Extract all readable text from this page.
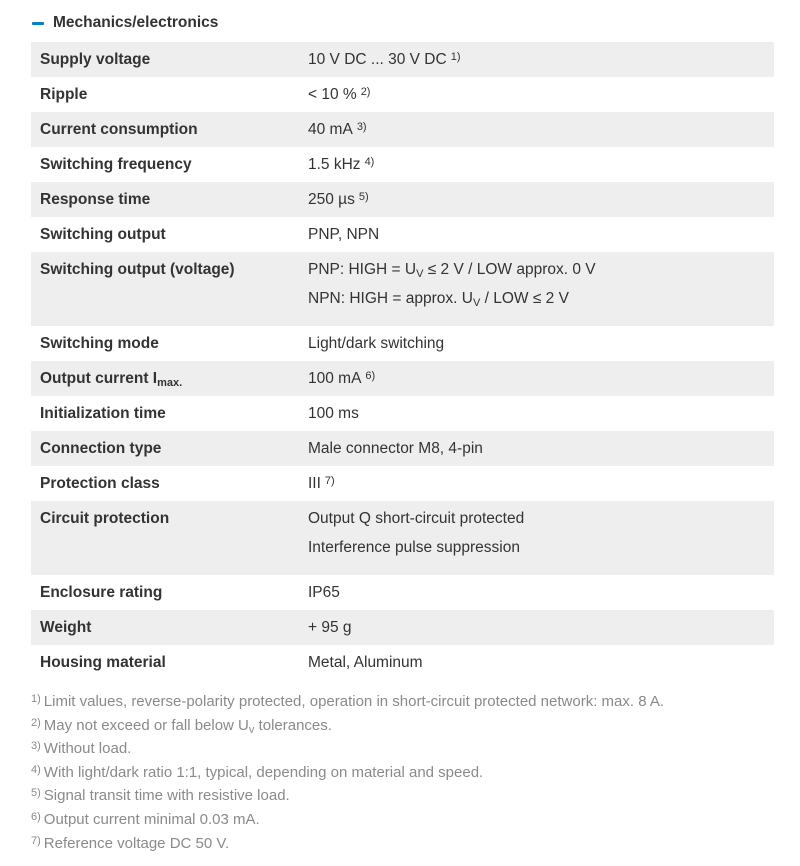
Mechanics/electronics
Supply voltage	10 V DC ... 30 V DC $^{1)}$
Ripple	< 10 % $^{2)}$
Current consumption	40 mA $^{3)}$
Switching frequency	1.5 kHz $^{4)}$
Response time	250 µs $^{5)}$
Switching output	PNP, NPN
Switching output (voltage)	PNP: HIGH = $U_V \le 2$ V / LOW approx. 0 V
NPN: HIGH = approx. $U_V$ / LOW ≤ 2 V

Switching mode	Light/dark switching
Output current $I_{max.}$	100 mA $^{6)}$
Initialization time	100 ms
Connection type	Male connector M8, 4-pin
Protection class	III $^{7)}$
Circuit protection	Output Q short-circuit protected
Interference pulse suppression

Enclosure rating	IP65
Weight	+ 95 g
Housing material	Metal, Aluminum
$^{1)}$ Limit values, reverse-polarity protected, operation in short-circuit protected network: max. 8 A.
$^{2)}$ May not exceed or fall below $U_v$ tolerances.
$^{3)}$ Without load.
$^{4)}$ With light/dark ratio 1:1, typical, depending on material and speed.
$^{5)}$ Signal transit time with resistive load.
$^{6)}$ Output current minimal 0.03 mA.
$^{7)}$ Reference voltage DC 50 V.
